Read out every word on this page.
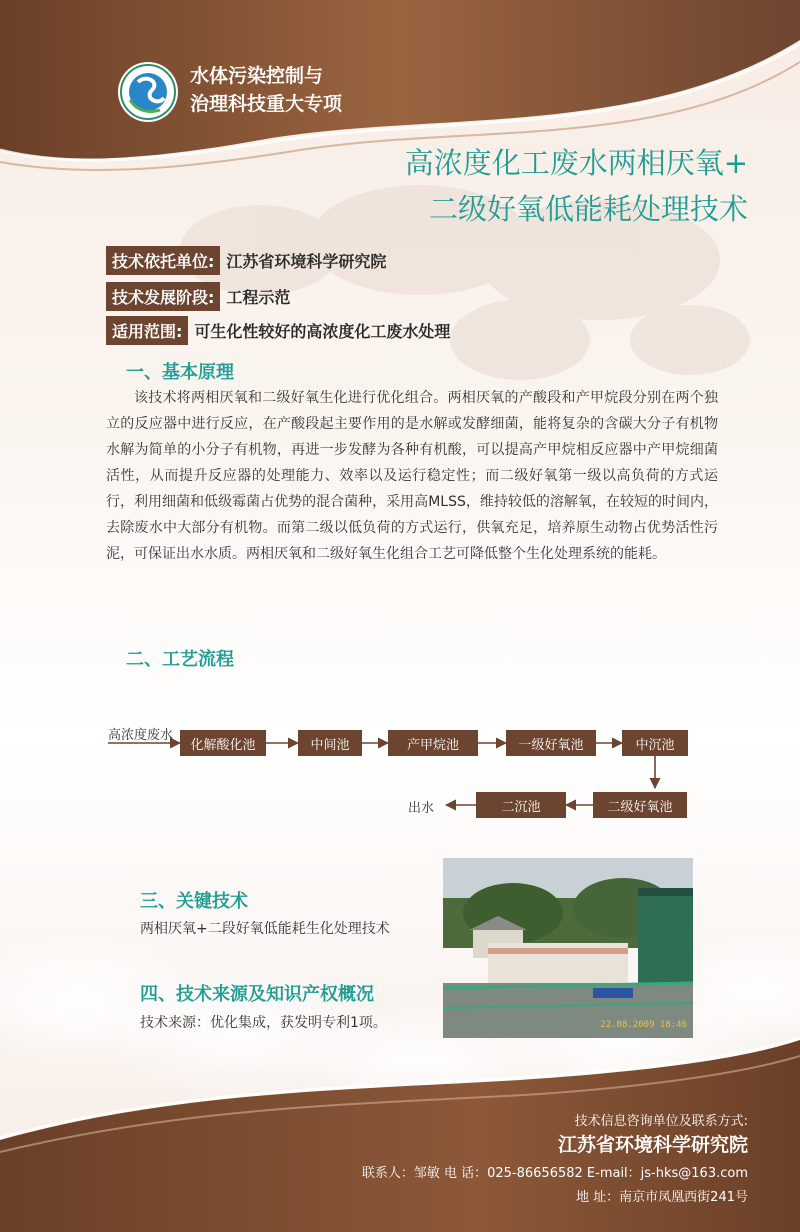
水体污染控制与
治理科技重大专项
高浓度化工废水两相厌氧+
二级好氧低能耗处理技术
技术依托单位: 江苏省环境科学研究院
技术发展阶段: 工程示范
适用范围: 可生化性较好的高浓度化工废水处理
一、基本原理
该技术将两相厌氧和二级好氧生化进行优化组合。两相厌氧的产酸段和产甲烷段分别在两个独立的反应器中进行反应，在产酸段起主要作用的是水解或发酵细菌，能将复杂的含碳大分子有机物水解为简单的小分子有机物，再进一步发酵为各种有机酸，可以提高产甲烷相反应器中产甲烷细菌活性，从而提升反应器的处理能力、效率以及运行稳定性；而二级好氧第一级以高负荷的方式运行，利用细菌和低级霉菌占优势的混合菌种，采用高MLSS，维持较低的溶解氧，在较短的时间内，去除废水中大部分有机物。而第二级以低负荷的方式运行，供氧充足，培养原生动物占优势活性污泥，可保证出水水质。两相厌氧和二级好氧生化组合工艺可降低整个生化处理系统的能耗。
二、工艺流程
高浓度废水
化解酸化池	中间池	产甲烷池	一级好氧池	中沉池
二级好氧池
二沉池
出水
三、关键技术
两相厌氧+二段好氧低能耗生化处理技术
四、技术来源及知识产权概况
技术来源：优化集成，获发明专利1项。	22.08.2009 18:46
技术信息咨询单位及联系方式:
江苏省环境科学研究院
联系人：邹敏 电 话：025-86656582 E-mail：js-hks@163.com
地 址：南京市凤凰西街241号
